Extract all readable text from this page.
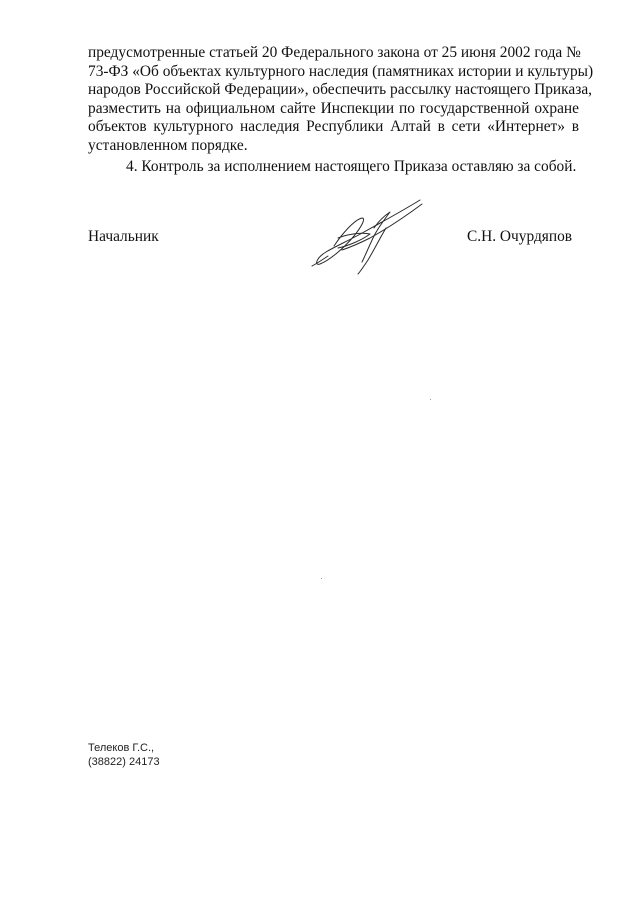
предусмотренные статьей 20 Федерального закона от 25 июня 2002 года №
73-ФЗ «Об объектах культурного наследия (памятниках истории и культуры)
народов Российской Федерации», обеспечить рассылку настоящего Приказа,
разместить на официальном сайте Инспекции по государственной охране
объектов культурного наследия Республики Алтай в сети «Интернет» в
установленном порядке.

4. Контроль за исполнением настоящего Приказа оставляю за собой.

Начальник	С.Н. Очурдяпов

Телеков Г.С.,
(38822) 24173
